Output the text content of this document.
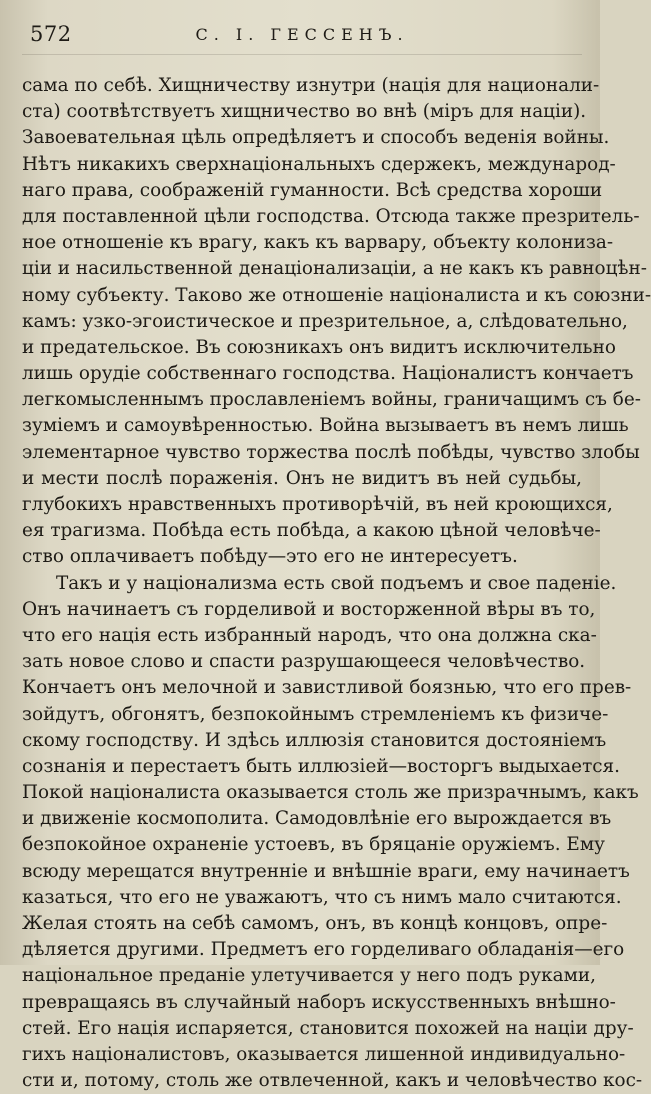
572	С. I. ГЕССЕНЪ.
сама по себѣ. Хищничеству изнутри (нація для национали-
ста) соотвѣтствуетъ хищничество во внѣ (міръ для націи).
Завоевательная цѣль опредѣляетъ и способъ веденія войны.
Нѣтъ никакихъ сверхнаціональныхъ сдержекъ, международ-
наго права, соображеній гуманности. Всѣ средства хороши
для поставленной цѣли господства. Отсюда также презритель-
ное отношеніе къ врагу, какъ къ варвару, объекту колониза-
ціи и насильственной денаціонализаціи, а не какъ къ равноцѣн-
ному субъекту. Таково же отношеніе націоналиста и къ союзни-
камъ: узко-эгоистическое и презрительное, а, слѣдовательно,
и предательское. Въ союзникахъ онъ видитъ исключительно
лишь орудіе собственнаго господства. Націоналистъ кончаетъ
легкомысленнымъ прославленіемъ войны, граничащимъ съ бе-
зуміемъ и самоувѣренностью. Война вызываетъ въ немъ лишь
элементарное чувство торжества послѣ побѣды, чувство злобы
и мести послѣ пораженія. Онъ не видитъ въ ней судьбы,
глубокихъ нравственныхъ противорѣчій, въ ней кроющихся,
ея трагизма. Побѣда есть побѣда, а какою цѣной человѣче-
ство оплачиваетъ побѣду—это его не интересуетъ.
Такъ и у націонализма есть свой подъемъ и свое паденіе.
Онъ начинаетъ съ горделивой и восторженной вѣры въ то,
что его нація есть избранный народъ, что она должна ска-
зать новое слово и спасти разрушающееся человѣчество.
Кончаетъ онъ мелочной и завистливой боязнью, что его прев-
зойдутъ, обгонятъ, безпокойнымъ стремленіемъ къ физиче-
скому господству. И здѣсь иллюзія становится достояніемъ
сознанія и перестаетъ быть иллюзіей—восторгъ выдыхается.
Покой націоналиста оказывается столь же призрачнымъ, какъ
и движеніе космополита. Самодовлѣніе его вырождается въ
безпокойное охраненіе устоевъ, въ бряцаніе оружіемъ. Ему
всюду мерещатся внутренніе и внѣшніе враги, ему начинаетъ
казаться, что его не уважаютъ, что съ нимъ мало считаются.
Желая стоять на себѣ самомъ, онъ, въ концѣ концовъ, опре-
дѣляется другими. Предметъ его горделиваго обладанія—его
національное преданіе улетучивается у него подъ руками,
превращаясь въ случайный наборъ искусственныхъ внѣшно-
стей. Его нація испаряется, становится похожей на націи дру-
гихъ націоналистовъ, оказывается лишенной индивидуально-
сти и, потому, столь же отвлеченной, какъ и человѣчество кос-
